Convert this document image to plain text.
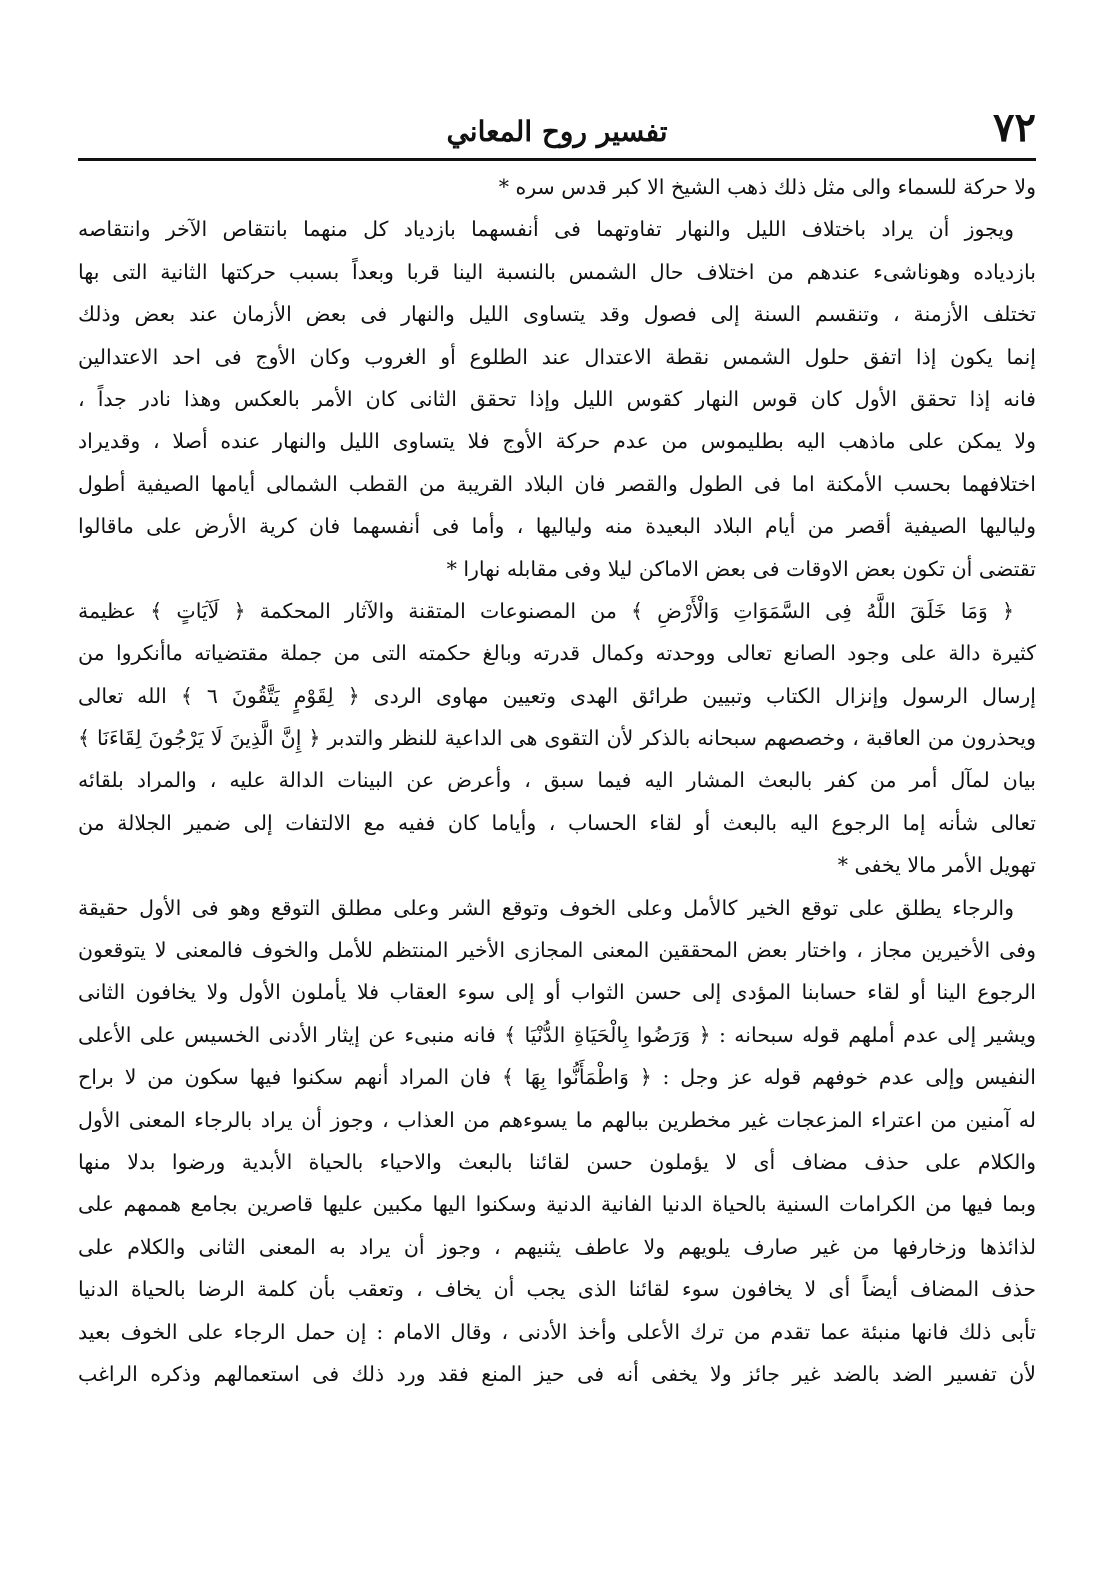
٧٢
تفسير روح المعاني
ولا حركة للسماء والى مثل ذلك ذهب الشيخ الا كبر قدس سره *
ويجوز أن يراد باختلاف الليل والنهار تفاوتهما فى أنفسهما بازدياد كل منهما بانتقاص الآخر وانتقاصه
بازدياده وهوناشىء عندهم من اختلاف حال الشمس بالنسبة الينا قربا وبعداً بسبب حركتها الثانية التى بها
تختلف الأزمنة ، وتنقسم السنة إلى فصول وقد يتساوى الليل والنهار فى بعض الأزمان عند بعض وذلك
إنما يكون إذا اتفق حلول الشمس نقطة الاعتدال عند الطلوع أو الغروب وكان الأوج فى احد الاعتدالين
فانه إذا تحقق الأول كان قوس النهار كقوس الليل وإذا تحقق الثانى كان الأمر بالعكس وهذا نادر جداً ،
ولا يمكن على ماذهب اليه بطليموس من عدم حركة الأوج فلا يتساوى الليل والنهار عنده أصلا ، وقديراد
اختلافهما بحسب الأمكنة اما فى الطول والقصر فان البلاد القريبة من القطب الشمالى أيامها الصيفية أطول
ولياليها الصيفية أقصر من أيام البلاد البعيدة منه ولياليها ، وأما فى أنفسهما فان كرية الأرض على ماقالوا
تقتضى أن تكون بعض الاوقات فى بعض الاماكن ليلا وفى مقابله نهارا *
﴿ وَمَا خَلَقَ اللَّهُ فِى السَّمَوَاتِ وَالْأَرْضِ ﴾ من المصنوعات المتقنة والآثار المحكمة ﴿ لَآيَاتٍ ﴾ عظيمة
كثيرة دالة على وجود الصانع تعالى ووحدته وكمال قدرته وبالغ حكمته التى من جملة مقتضياته ماأنكروا من
إرسال الرسول وإنزال الكتاب وتبيين طرائق الهدى وتعيين مهاوى الردى ﴿ لِقَوْمٍ يَتَّقُونَ ٦ ﴾ الله تعالى
ويحذرون من العاقبة ، وخصصهم سبحانه بالذكر لأن التقوى هى الداعية للنظر والتدبر ﴿ إِنَّ الَّذِينَ لَا يَرْجُونَ لِقَاءَنَا ﴾
بيان لمآل أمر من كفر بالبعث المشار اليه فيما سبق ، وأعرض عن البينات الدالة عليه ، والمراد بلقائه
تعالى شأنه إما الرجوع اليه بالبعث أو لقاء الحساب ، وأياما كان ففيه مع الالتفات إلى ضمير الجلالة من
تهويل الأمر مالا يخفى *
والرجاء يطلق على توقع الخير كالأمل وعلى الخوف وتوقع الشر وعلى مطلق التوقع وهو فى الأول حقيقة
وفى الأخيرين مجاز ، واختار بعض المحققين المعنى المجازى الأخير المنتظم للأمل والخوف فالمعنى لا يتوقعون
الرجوع الينا أو لقاء حسابنا المؤدى إلى حسن الثواب أو إلى سوء العقاب فلا يأملون الأول ولا يخافون الثانى
ويشير إلى عدم أملهم قوله سبحانه : ﴿ وَرَضُوا بِالْحَيَاةِ الدُّنْيَا ﴾ فانه منبىء عن إيثار الأدنى الخسيس على الأعلى
النفيس وإلى عدم خوفهم قوله عز وجل : ﴿ وَاطْمَأَنُّوا بِهَا ﴾ فان المراد أنهم سكنوا فيها سكون من لا براح
له آمنين من اعتراء المزعجات غير مخطرين ببالهم ما يسوءهم من العذاب ، وجوز أن يراد بالرجاء المعنى الأول
والكلام على حذف مضاف أى لا يؤملون حسن لقائنا بالبعث والاحياء بالحياة الأبدية ورضوا بدلا منها
وبما فيها من الكرامات السنية بالحياة الدنيا الفانية الدنية وسكنوا اليها مكبين عليها قاصرين بجامع هممهم على
لذائذها وزخارفها من غير صارف يلويهم ولا عاطف يثنيهم ، وجوز أن يراد به المعنى الثانى والكلام على
حذف المضاف أيضاً أى لا يخافون سوء لقائنا الذى يجب أن يخاف ، وتعقب بأن كلمة الرضا بالحياة الدنيا
تأبى ذلك فانها منبئة عما تقدم من ترك الأعلى وأخذ الأدنى ، وقال الامام : إن حمل الرجاء على الخوف بعيد
لأن تفسير الضد بالضد غير جائز ولا يخفى أنه فى حيز المنع فقد ورد ذلك فى استعمالهم وذكره الراغب
